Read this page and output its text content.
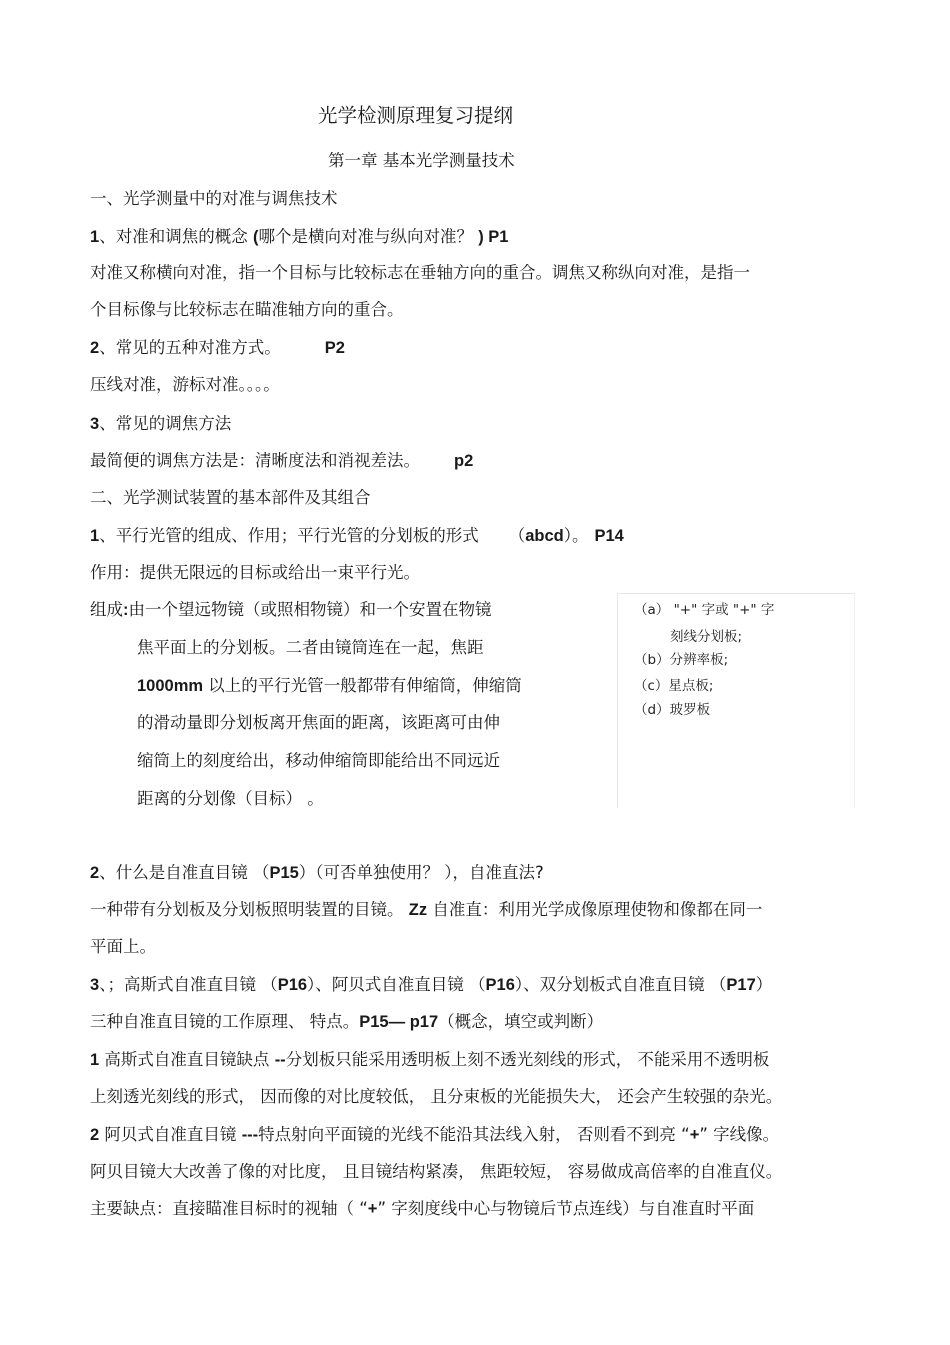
光学检测原理复习提纲
第一章 基本光学测量技术
一、光学测量中的对准与调焦技术
1、对准和调焦的概念 (哪个是横向对准与纵向对准？ ) P1
对准又称横向对准，指一个目标与比较标志在垂轴方向的重合。调焦又称纵向对准，是指一
个目标像与比较标志在瞄准轴方向的重合。
2、常见的五种对准方式。	P2
压线对准，游标对准。。。。
3、常见的调焦方法
最简便的调焦方法是：清晰度法和消视差法。 p2
二、光学测试装置的基本部件及其组合
1、平行光管的组成、作用；平行光管的分划板的形式 （abcd）。 P14
作用：提供无限远的目标或给出一束平行光。
组成:由一个望远物镜（或照相物镜）和一个安置在物镜
焦平面上的分划板。二者由镜筒连在一起，焦距
1000mm 以上的平行光管一般都带有伸缩筒，伸缩筒
的滑动量即分划板离开焦面的距离，该距离可由伸
缩筒上的刻度给出，移动伸缩筒即能给出不同远近
距离的分划像（目标） 。
（a） "+" 字或 "+" 字
刻线分划板;
（b）分辨率板;
（c）星点板;
（d）玻罗板
2、什么是自准直目镜 （P15）（可否单独使用？ ），自准直法?
一种带有分划板及分划板照明装置的目镜。 Zz 自准直：利用光学成像原理使物和像都在同一
平面上。
3、；高斯式自准直目镜 （P16）、阿贝式自准直目镜 （P16）、双分划板式自准直目镜 （P17）
三种自准直目镜的工作原理、 特点。P15— p17（概念，填空或判断）
1 高斯式自准直目镜缺点 --分划板只能采用透明板上刻不透光刻线的形式， 不能采用不透明板
上刻透光刻线的形式， 因而像的对比度较低， 且分束板的光能损失大， 还会产生较强的杂光。
2 阿贝式自准直目镜 ---特点射向平面镜的光线不能沿其法线入射， 否则看不到亮 “+” 字线像。
阿贝目镜大大改善了像的对比度， 且目镜结构紧凑， 焦距较短， 容易做成高倍率的自准直仪。
主要缺点：直接瞄准目标时的视轴（ “+” 字刻度线中心与物镜后节点连线）与自准直时平面
